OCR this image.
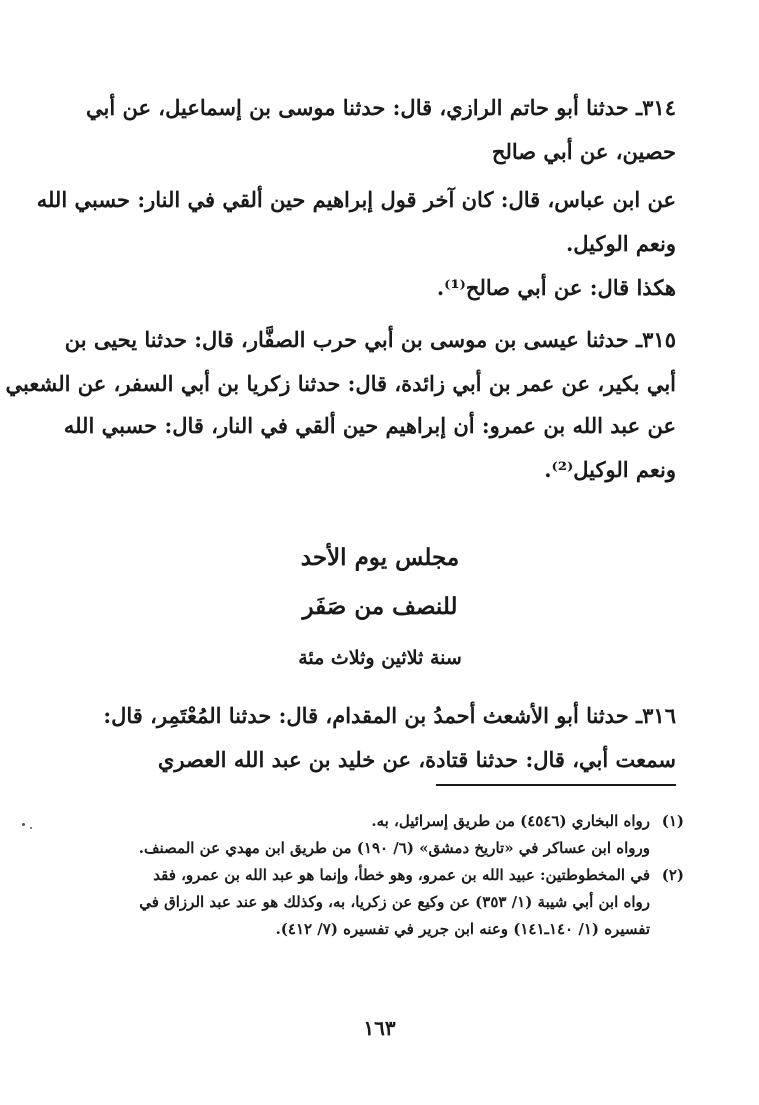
٣١٤ـ حدثنا أبو حاتم الرازي، قال: حدثنا موسى بن إسماعيل، عن أبي
حصين، عن أبي صالح
عن ابن عباس، قال: كان آخر قول إبراهيم حين ألقي في النار: حسبي الله
ونعم الوكيل.
هكذا قال: عن أبي صالح⁽¹⁾.
٣١٥ـ حدثنا عيسى بن موسى بن أبي حرب الصفَّار، قال: حدثنا يحيى بن
أبي بكير، عن عمر بن أبي زائدة، قال: حدثنا زكريا بن أبي السفر، عن الشعبي
عن عبد الله بن عمرو: أن إبراهيم حين ألقي في النار، قال: حسبي الله
ونعم الوكيل⁽²⁾.
مجلس يوم الأحد
للنصف من صَفَر
سنة ثلاثين وثلاث مئة
٣١٦ـ حدثنا أبو الأشعث أحمدُ بن المقدام، قال: حدثنا المُعْتَمِر، قال:
سمعت أبي، قال: حدثنا قتادة، عن خليد بن عبد الله العصري
(١)رواه البخاري (٤٥٤٦) من طريق إسرائيل، به.
ورواه ابن عساكر في «تاريخ دمشق» (٦/ ١٩٠) من طريق ابن مهدي عن المصنف.
(٢)في المخطوطتين: عبيد الله بن عمرو، وهو خطأ، وإنما هو عبد الله بن عمرو، فقد
رواه ابن أبي شيبة (١/ ٣٥٣) عن وكيع عن زكريا، به، وكذلك هو عند عبد الرزاق في
تفسيره (١/ ١٤٠ـ١٤١) وعنه ابن جرير في تفسيره (٧/ ٤١٢).
١٦٣
